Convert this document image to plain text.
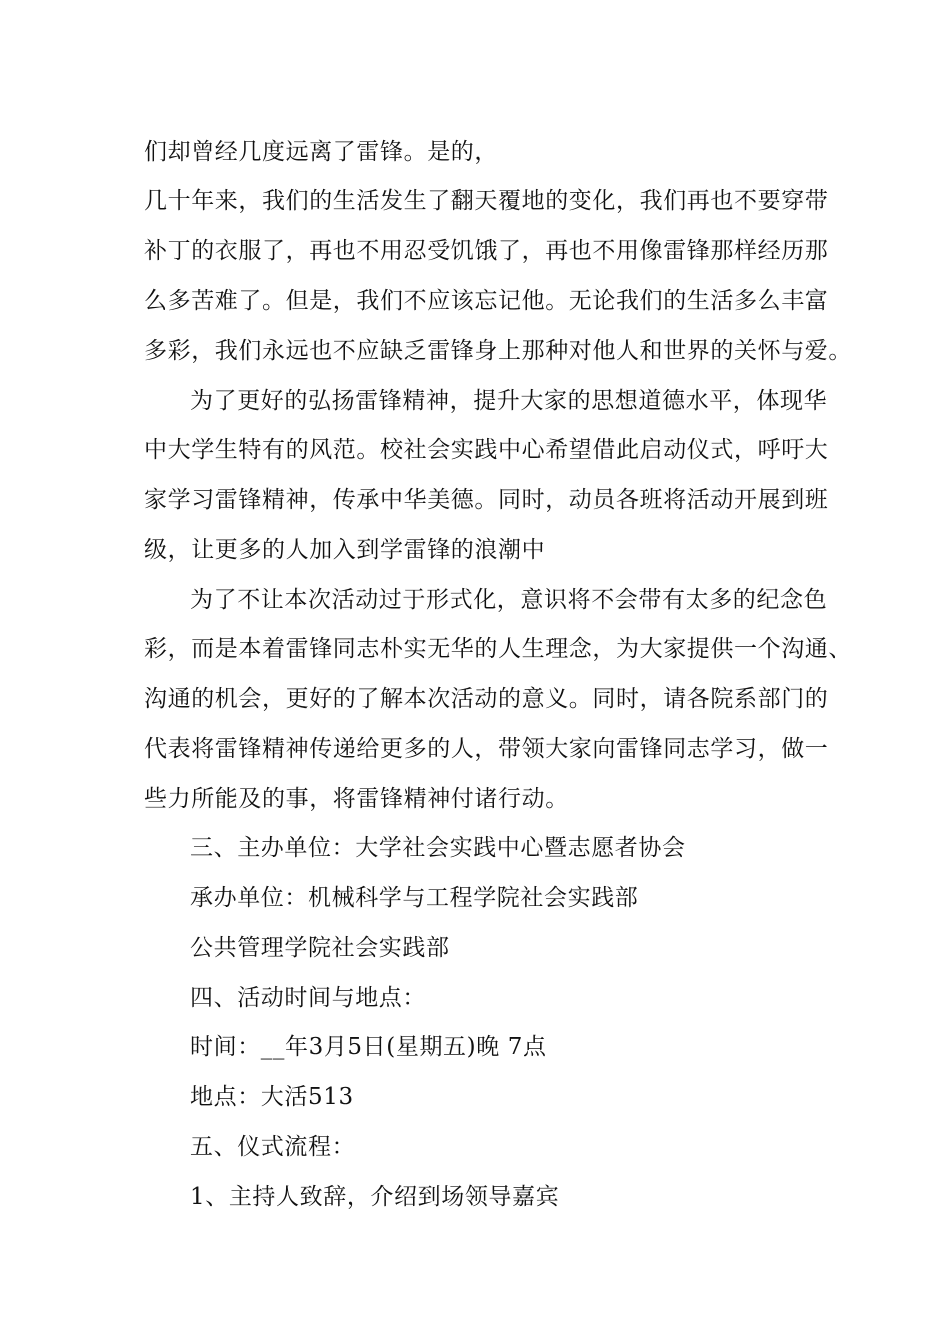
们却曾经几度远离了雷锋。是的，
几十年来，我们的生活发生了翻天覆地的变化，我们再也不要穿带
补丁的衣服了，再也不用忍受饥饿了，再也不用像雷锋那样经历那
么多苦难了。但是，我们不应该忘记他。无论我们的生活多么丰富
多彩，我们永远也不应缺乏雷锋身上那种对他人和世界的关怀与爱。
为了更好的弘扬雷锋精神，提升大家的思想道德水平，体现华
中大学生特有的风范。校社会实践中心希望借此启动仪式，呼吁大
家学习雷锋精神，传承中华美德。同时，动员各班将活动开展到班
级，让更多的人加入到学雷锋的浪潮中
为了不让本次活动过于形式化，意识将不会带有太多的纪念色
彩，而是本着雷锋同志朴实无华的人生理念，为大家提供一个沟通、
沟通的机会，更好的了解本次活动的意义。同时，请各院系部门的
代表将雷锋精神传递给更多的人，带领大家向雷锋同志学习，做一
些力所能及的事，将雷锋精神付诸行动。
三、主办单位：大学社会实践中心暨志愿者协会
承办单位：机械科学与工程学院社会实践部
公共管理学院社会实践部
四、活动时间与地点：
时间：__年3月5日(星期五)晚 7点
地点：大活513
五、仪式流程：
1、主持人致辞，介绍到场领导嘉宾
